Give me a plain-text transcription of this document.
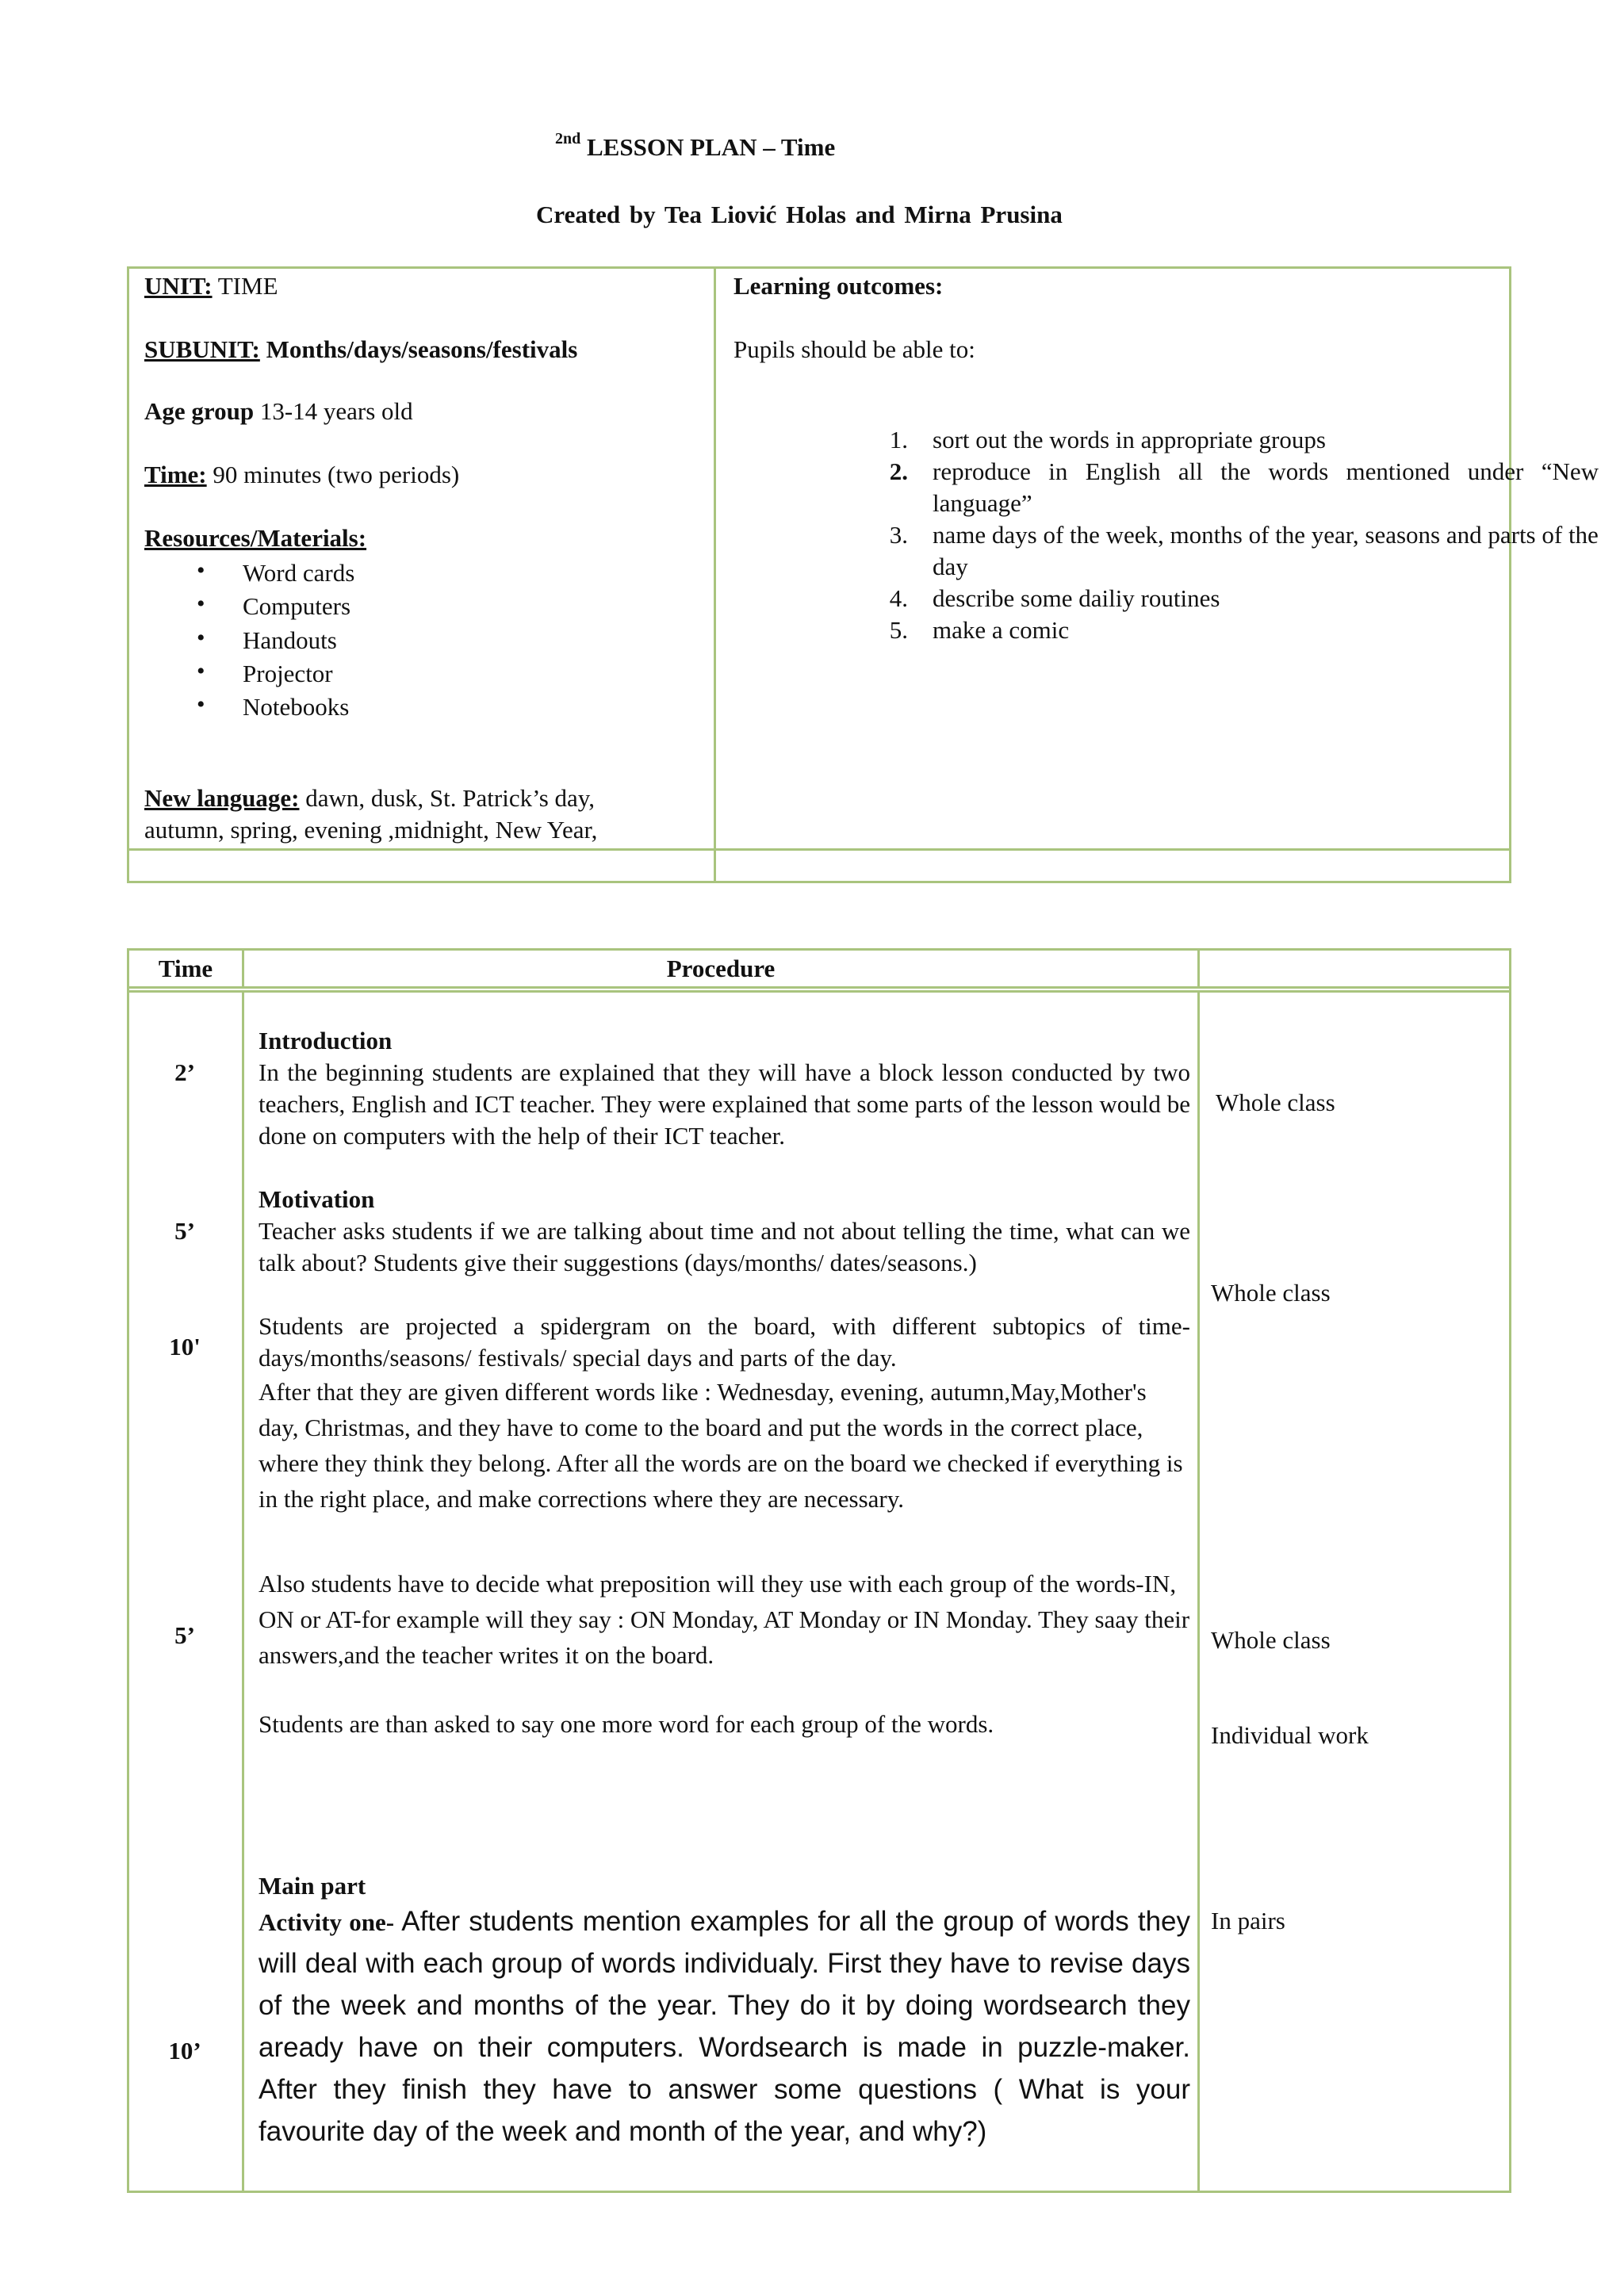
$^{2nd}$ LESSON PLAN – Time
Created by Tea Liović Holas and Mirna Prusina
UNIT: TIME
SUBUNIT: Months/days/seasons/festivals
Age group 13-14 years old
Time: 90 minutes (two periods)
Resources/Materials:
• Word cards
• Computers
• Handouts
• Projector
• Notebooks
New language: dawn, dusk, St. Patrick’s day,
autumn, spring, evening ,midnight, New Year,
Learning outcomes:
Pupils should be able to:
1. sort out the words in appropriate groups
2. reproduce in English all the words mentioned under “New language”
3. name days of the week, months of the year, seasons and parts of the day
4. describe some dailiy routines
5. make a comic
Time	Procedure
2’
5’
10'
5’
10’
Introduction
In the beginning students are explained that they will have a block lesson conducted by two teachers, English and ICT teacher. They were explained that some parts of the lesson would be done on computers with the help of their ICT teacher.
Motivation
Teacher asks students if we are talking about time and not about telling the time, what can we talk about? Students give their suggestions (days/months/ dates/seasons.)
Students are projected a spidergram on the board, with different subtopics of time-days/months/seasons/ festivals/ special days and parts of the day.
After that they are given different words like : Wednesday, evening, autumn,May,Mother's day, Christmas, and they have to come to the board and put the words in the correct place, where they think they belong. After all the words are on the board we checked if everything is in the right place, and make corrections where they are necessary.
Also students have to decide what preposition will they use with each group of the words-IN, ON or AT-for example will they say : ON Monday, AT Monday or IN Monday. They saay their answers,and the teacher writes it on the board.
Students are than asked to say one more word for each group of the words.
Main part
Activity one- After students mention examples for all the group of words they will deal with each group of words individualy. First they have to revise days of the week and months of the year. They do it by doing wordsearch they aready have on their computers. Wordsearch is made in puzzle-maker. After they finish they have to answer some questions ( What is your favourite day of the week and month of the year, and why?)
Whole class
Whole class
Whole class
Individual work
In pairs
